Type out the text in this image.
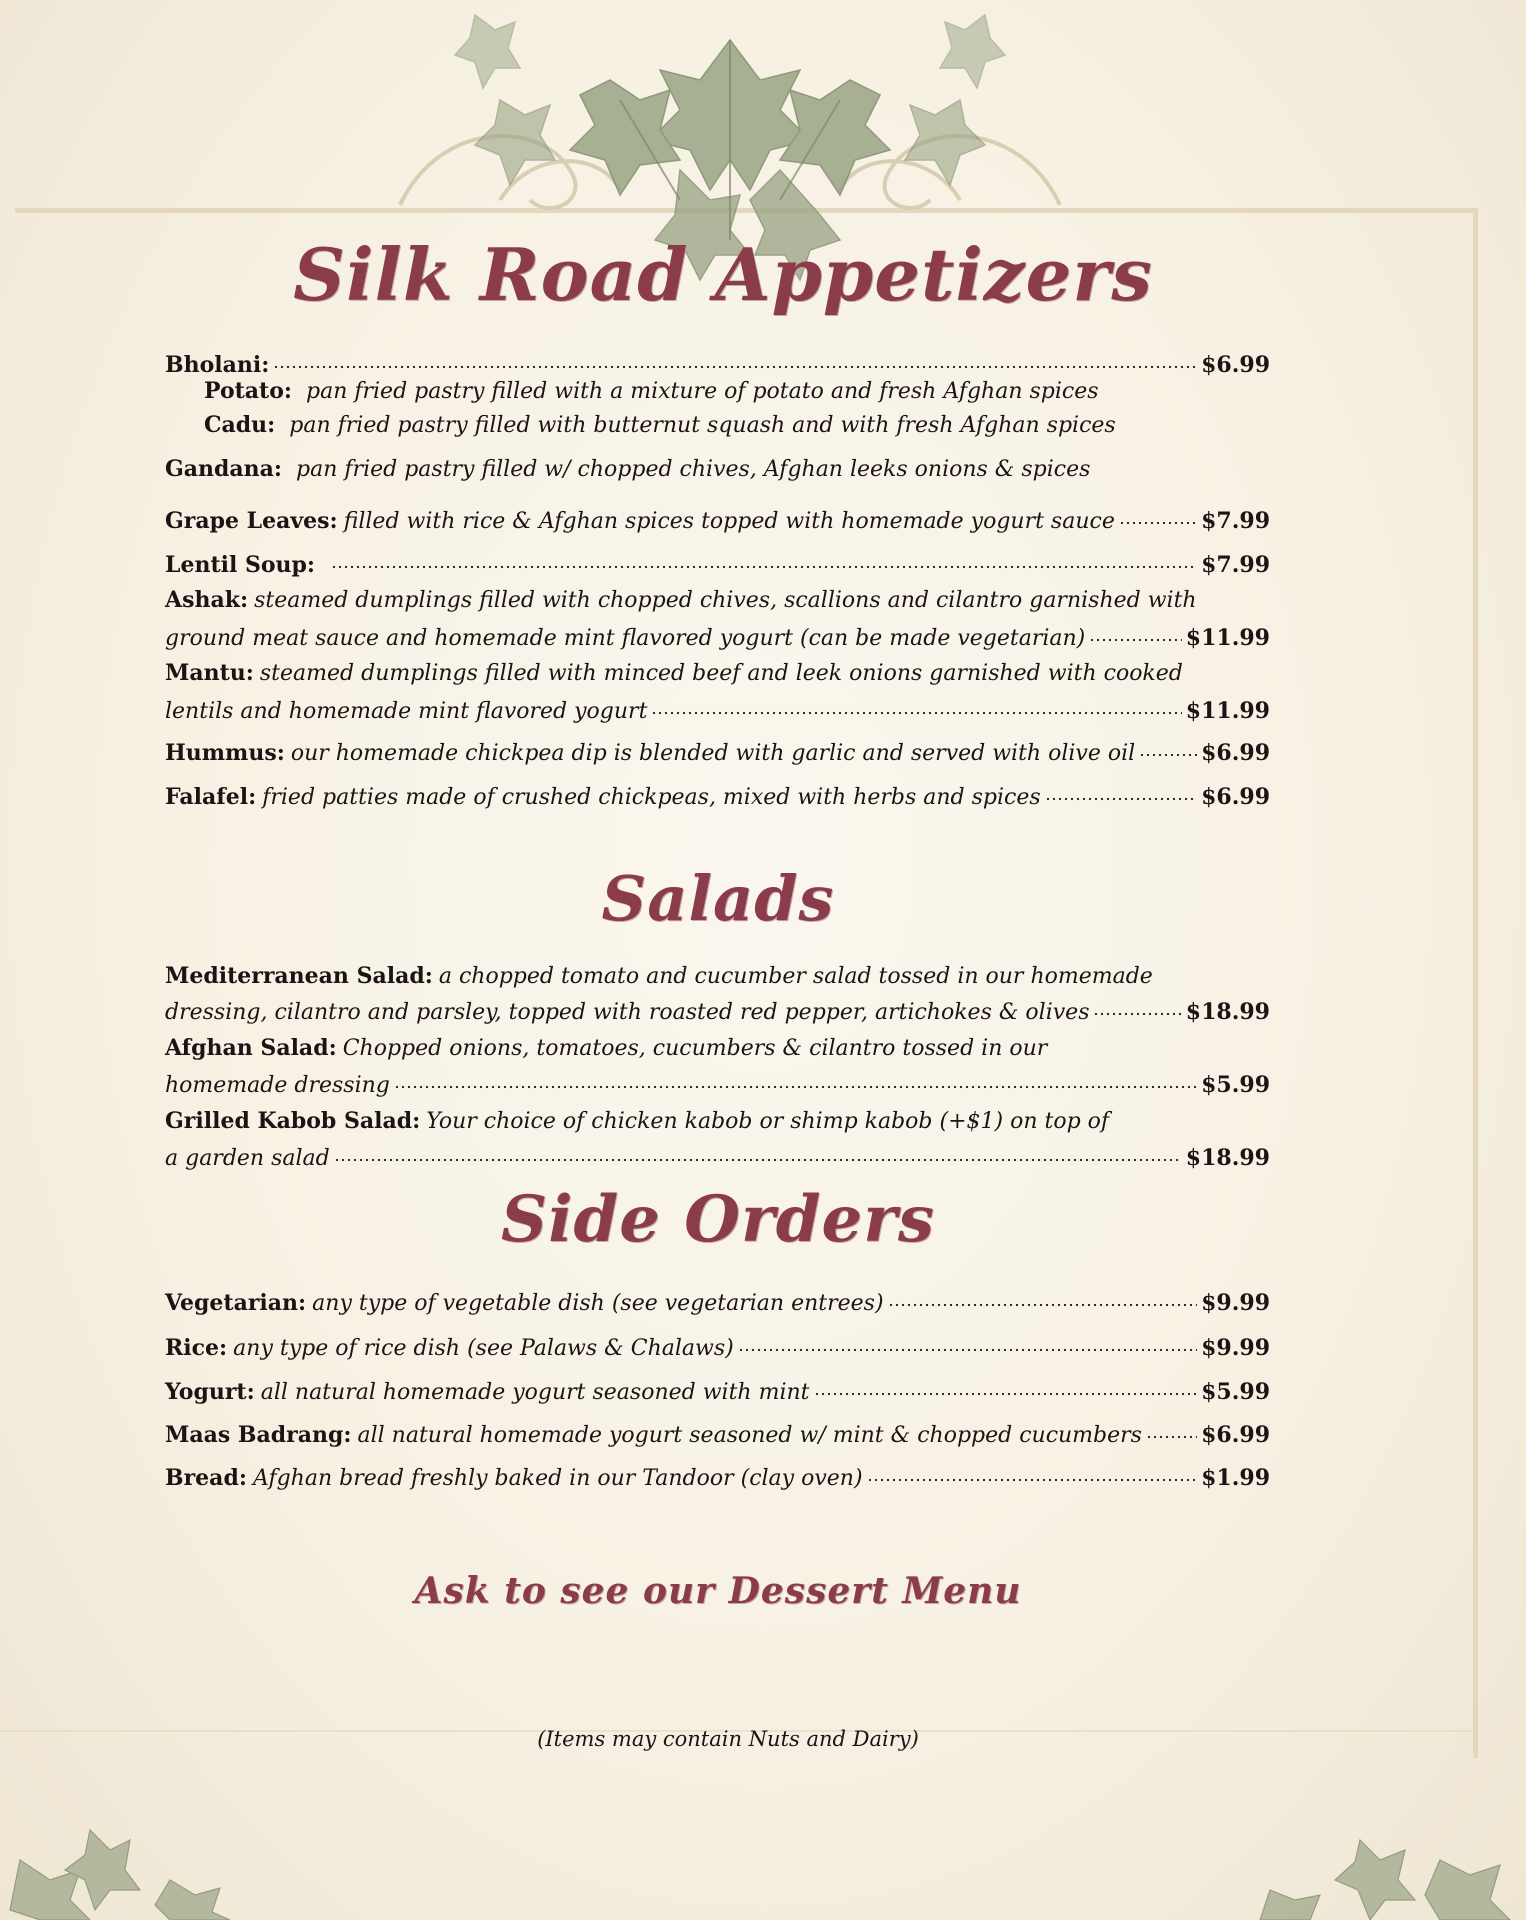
Silk Road Appetizers
Bholani:	$6.99
Potato: pan fried pastry filled with a mixture of potato and fresh Afghan spices
Cadu: pan fried pastry filled with butternut squash and with fresh Afghan spices
Gandana: pan fried pastry filled w/ chopped chives, Afghan leeks onions & spices
Grape Leaves: filled with rice & Afghan spices topped with homemade yogurt sauce	$7.99
Lentil Soup:	$7.99
Ashak: steamed dumplings filled with chopped chives, scallions and cilantro garnished with
ground meat sauce and homemade mint flavored yogurt (can be made vegetarian)	$11.99
Mantu: steamed dumplings filled with minced beef and leek onions garnished with cooked
lentils and homemade mint flavored yogurt	$11.99
Hummus: our homemade chickpea dip is blended with garlic and served with olive oil	$6.99
Falafel: fried patties made of crushed chickpeas, mixed with herbs and spices	$6.99
Salads
Mediterranean Salad: a chopped tomato and cucumber salad tossed in our homemade
dressing, cilantro and parsley, topped with roasted red pepper, artichokes & olives	$18.99
Afghan Salad: Chopped onions, tomatoes, cucumbers & cilantro tossed in our
homemade dressing	$5.99
Grilled Kabob Salad: Your choice of chicken kabob or shimp kabob (+$1) on top of
a garden salad	$18.99
Side Orders
Vegetarian: any type of vegetable dish (see vegetarian entrees)	$9.99
Rice: any type of rice dish (see Palaws & Chalaws)	$9.99
Yogurt: all natural homemade yogurt seasoned with mint	$5.99
Maas Badrang: all natural homemade yogurt seasoned w/ mint & chopped cucumbers	$6.99
Bread: Afghan bread freshly baked in our Tandoor (clay oven)	$1.99
Ask to see our Dessert Menu
(Items may contain Nuts and Dairy)
